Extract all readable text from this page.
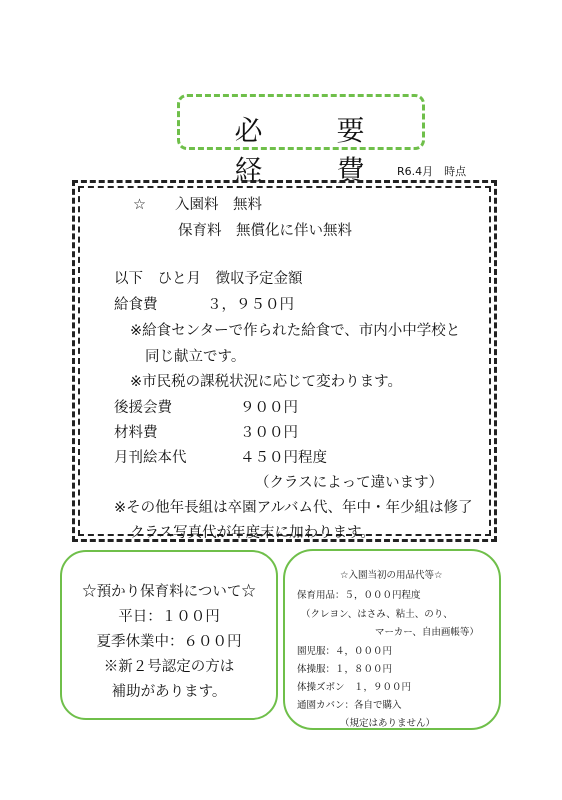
必　要　経　費 R6.4月　時点
☆　　入園料　無料
保育料　無償化に伴い無料
以下　ひと月　徴収予定金額
給食費	３，９５０円
※給食センターで作られた給食で、市内小中学校と
同じ献立です。
※市民税の課税状況に応じて変わります。
後援会費	９００円
材料費	３００円
月刊絵本代	４５０円程度
（クラスによって違います）
※その他年長組は卒園アルバム代、年中・年少組は修了
クラス写真代が年度末に加わります。
☆預かり保育料について☆
平日：１００円
夏季休業中：６００円
※新２号認定の方は
補助があります。
☆入園当初の用品代等☆
保育用品：５，０００円程度
（クレヨン、はさみ、粘土、のり、
マーカー、自由画帳等）
園児服：４，０００円
体操服：１，８００円
体操ズボン　１，９００円
通園カバン：各自で購入
（規定はありません）
